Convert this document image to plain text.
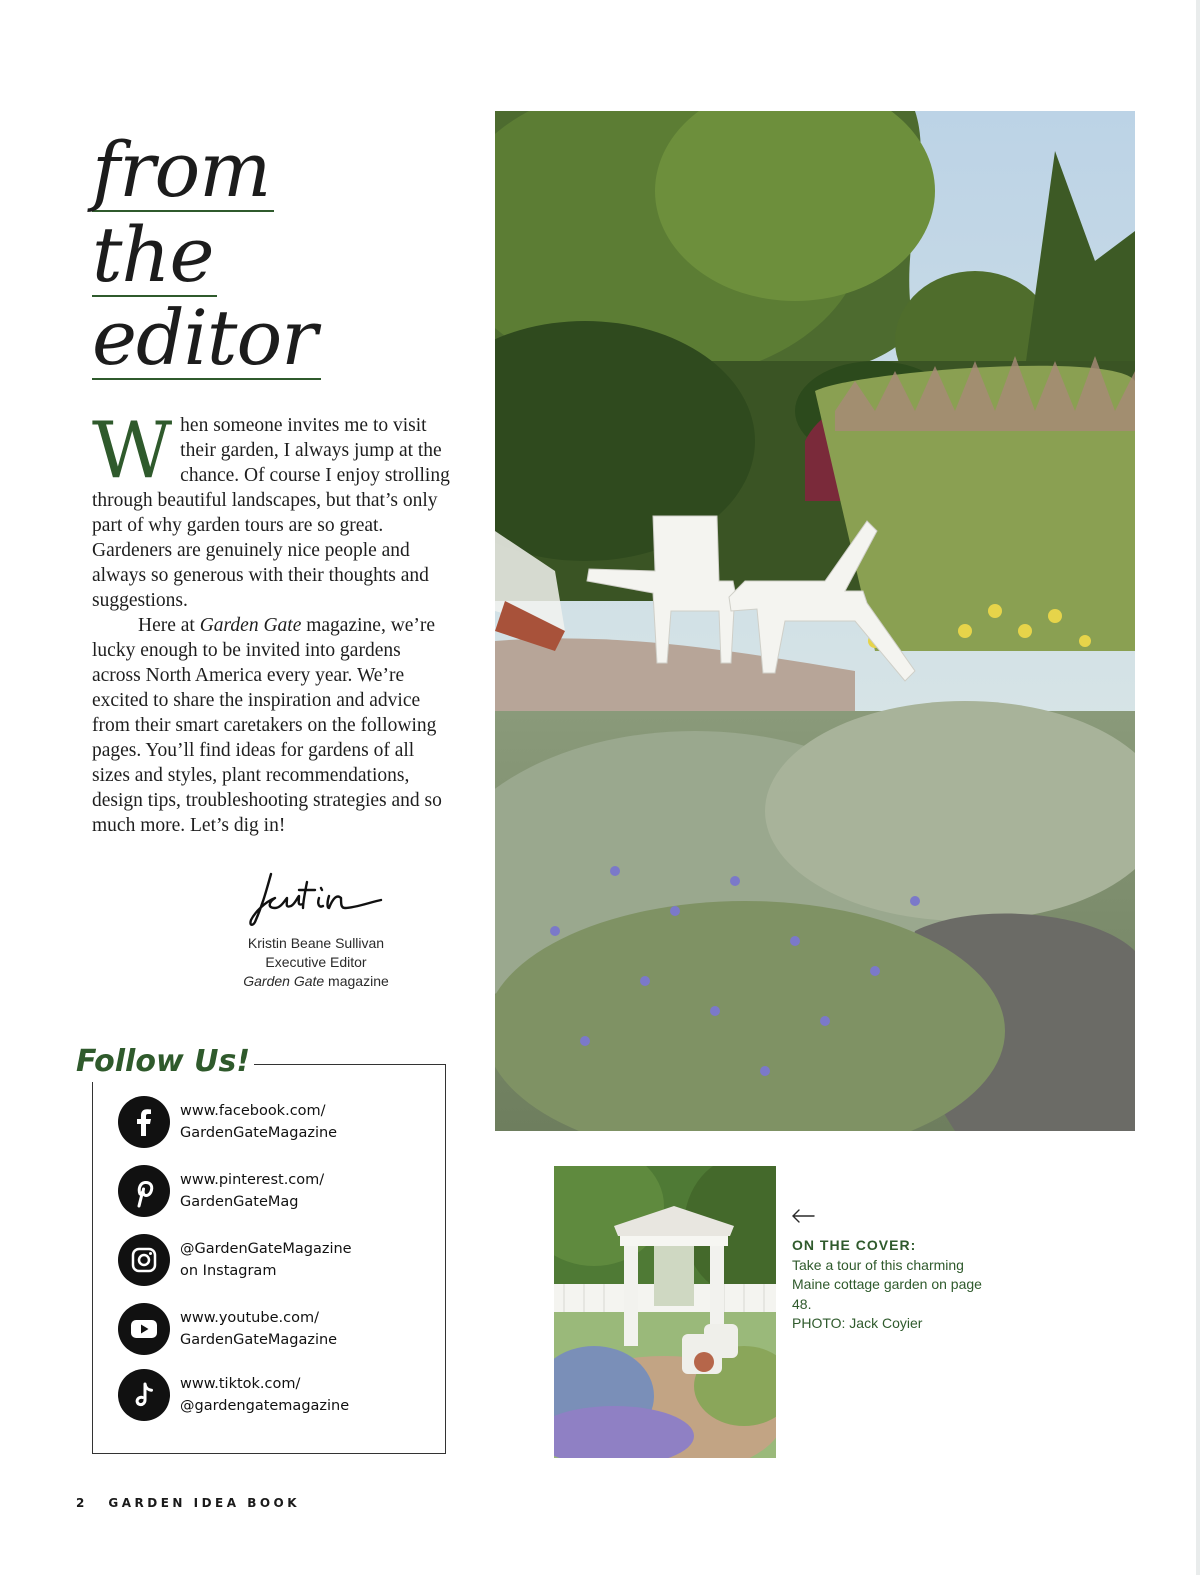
from
the
editor

When someone invites me to visit their garden, I always jump at the chance. Of course I enjoy strolling through beautiful landscapes, but that’s only part of why garden tours are so great. Gardeners are genuinely nice people and always so generous with their thoughts and suggestions.

Here at Garden Gate magazine, we’re lucky enough to be invited into gardens across North America every year. We’re excited to share the inspiration and advice from their smart caretakers on the following pages. You’ll find ideas for gardens of all sizes and styles, plant recommendations, design tips, troubleshooting strategies and so much more. Let’s dig in!

Kristin Beane Sullivan
Executive Editor
Garden Gate magazine
Follow Us!
www.facebook.com/
GardenGateMagazine
www.pinterest.com/
GardenGateMag
@GardenGateMagazine
on Instagram
www.youtube.com/
GardenGateMagazine
www.tiktok.com/
@gardengatemagazine
ON THE COVER:
Take a tour of this charming Maine cottage garden on page 48.
PHOTO: Jack Coyier
2 GARDEN IDEA BOOK
